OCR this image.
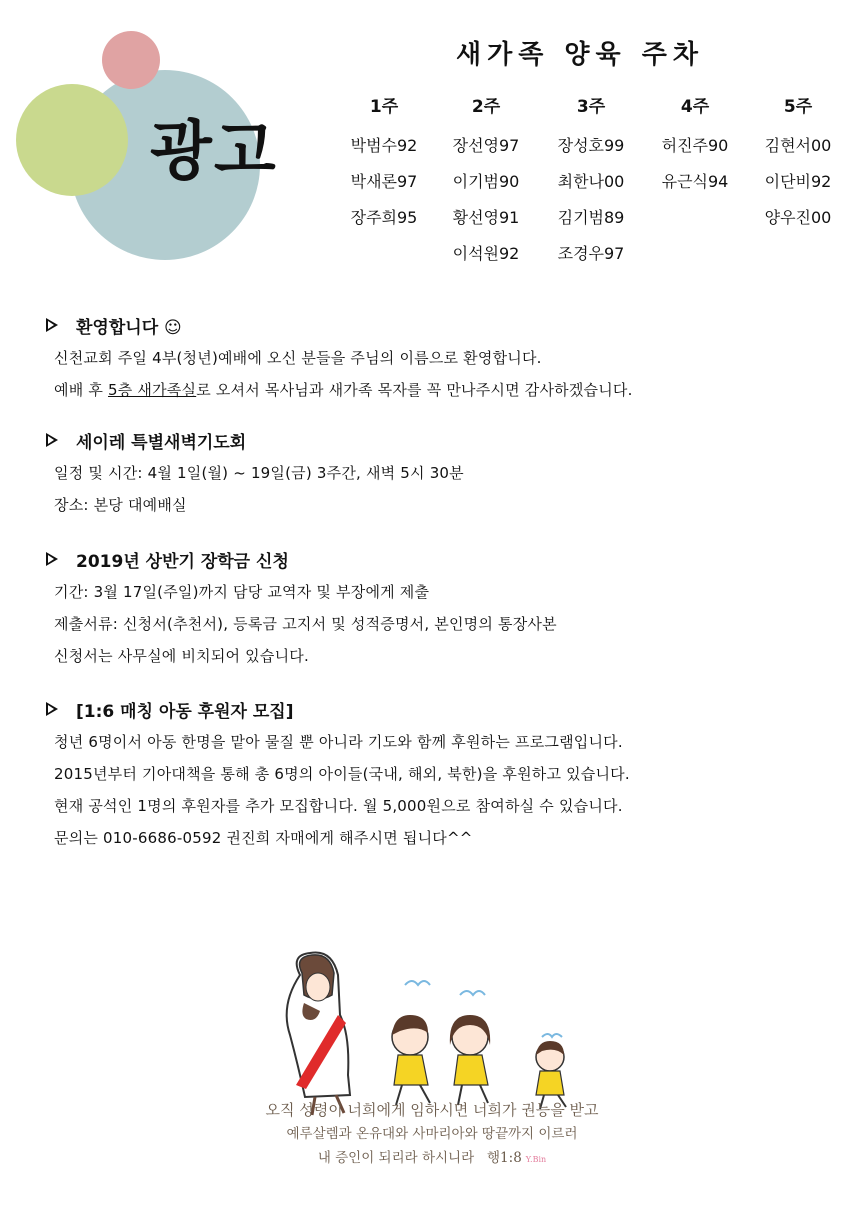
광고
새가족 양육 주차
1주
박범수92
박새론97
장주희95
2주
장선영97
이기범90
황선영91
이석원92
3주
장성호99
최한나00
김기범89
조경우97
4주
허진주90
유근식94
5주
김현서00
이단비92
양우진00
환영합니다 ☺
신천교회 주일 4부(청년)예배에 오신 분들을 주님의 이름으로 환영합니다.
예배 후 5층 새가족실로 오셔서 목사님과 새가족 목자를 꼭 만나주시면 감사하겠습니다.
세이레 특별새벽기도회
일정 및 시간: 4월 1일(월) ~ 19일(금) 3주간, 새벽 5시 30분
장소: 본당 대예배실
2019년 상반기 장학금 신청
기간: 3월 17일(주일)까지 담당 교역자 및 부장에게 제출
제출서류: 신청서(추천서), 등록금 고지서 및 성적증명서, 본인명의 통장사본
신청서는 사무실에 비치되어 있습니다.
[1:6 매칭 아동 후원자 모집]
청년 6명이서 아동 한명을 맡아 물질 뿐 아니라 기도와 함께 후원하는 프로그램입니다.
2015년부터 기아대책을 통해 총 6명의 아이들(국내, 해외, 북한)을 후원하고 있습니다.
현재 공석인 1명의 후원자를 추가 모집합니다. 월 5,000원으로 참여하실 수 있습니다.
문의는 010-6686-0592 권진희 자매에게 해주시면 됩니다^^
오직 성령이 너희에게 임하시면 너희가 권능을 받고
예루살렘과 온유대와 사마리아와 땅끝까지 이르러
내 증인이 되리라 하시니라 행1:8 Y.Bin
